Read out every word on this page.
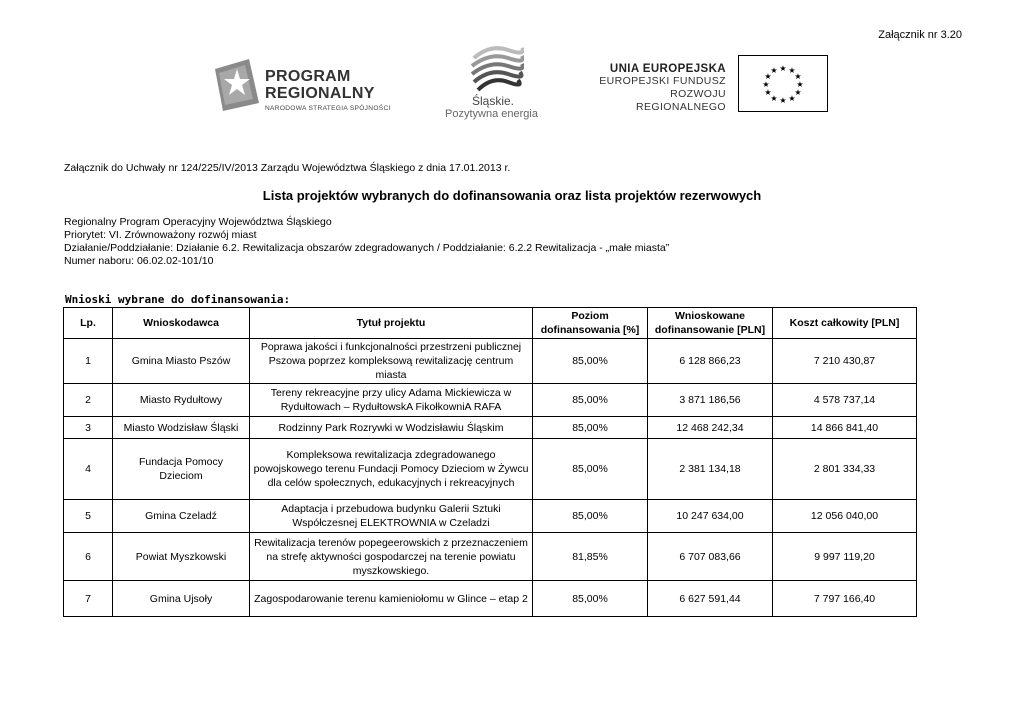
Załącznik nr 3.20
PROGRAM
REGIONALNY
NARODOWA STRATEGIA SPÓJNOŚCI
Śląskie.
Pozytywna energia
UNIA EUROPEJSKA
EUROPEJSKI FUNDUSZ
ROZWOJU REGIONALNEGO
★ ★
★
★
★
★
★
★
★
★
★
★
Załącznik do Uchwały nr 124/225/IV/2013 Zarządu Województwa Śląskiego z dnia 17.01.2013 r.
Lista projektów wybranych do dofinansowania oraz lista projektów rezerwowych
Regionalny Program Operacyjny Województwa Śląskiego
Priorytet: VI. Zrównoważony rozwój miast
Działanie/Poddziałanie: Działanie 6.2. Rewitalizacja obszarów zdegradowanych / Poddziałanie: 6.2.2 Rewitalizacja - „małe miasta”
Numer naboru: 06.02.02-101/10
Wnioski wybrane do dofinansowania:
Lp.	Wnioskodawca	Tytuł projektu	Poziom dofinansowania [%]	Wnioskowane dofinansowanie [PLN]	Koszt całkowity [PLN]
1	Gmina Miasto Pszów	Poprawa jakości i funkcjonalności przestrzeni publicznej Pszowa poprzez kompleksową rewitalizację centrum miasta	85,00%	6 128 866,23	7 210 430,87
2	Miasto Rydułtowy	Tereny rekreacyjne przy ulicy Adama Mickiewicza w Rydułtowach – RydułtowskA FikołkowniA RAFA	85,00%	3 871 186,56	4 578 737,14
3	Miasto Wodzisław Śląski	Rodzinny Park Rozrywki w Wodzisławiu Śląskim	85,00%	12 468 242,34	14 866 841,40
4	Fundacja Pomocy Dzieciom	Kompleksowa rewitalizacja zdegradowanego powojskowego terenu Fundacji Pomocy Dzieciom w Żywcu dla celów społecznych, edukacyjnych i rekreacyjnych	85,00%	2 381 134,18	2 801 334,33
5	Gmina Czeladź	Adaptacja i przebudowa budynku Galerii Sztuki Współczesnej ELEKTROWNIA w Czeladzi	85,00%	10 247 634,00	12 056 040,00
6	Powiat Myszkowski	Rewitalizacja terenów popegeerowskich z przeznaczeniem na strefę aktywności gospodarczej na terenie powiatu myszkowskiego.	81,85%	6 707 083,66	9 997 119,20
7	Gmina Ujsoły	Zagospodarowanie terenu kamieniołomu w Glince – etap 2	85,00%	6 627 591,44	7 797 166,40
